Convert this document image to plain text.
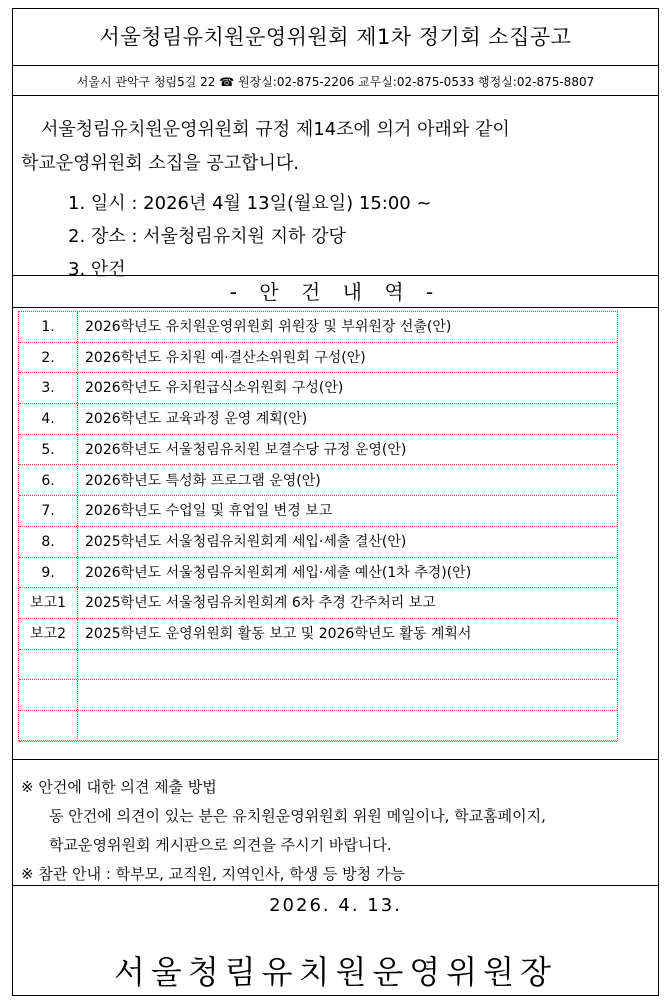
서울청림유치원운영위원회 제1차 정기회 소집공고
서울시 관악구 청림5길 22 ☎ 원장실:02-875-2206 교무실:02-875-0533 행정실:02-875-8807
서울청림유치원운영위원회 규정 제14조에 의거 아래와 같이
학교운영위원회 소집을 공고합니다.
1. 일시 : 2026년 4월 13일(월요일) 15:00 ~
2. 장소 : 서울청림유치원 지하 강당
3. 안건
- 안 건 내 역 -
1.	2026학년도 유치원운영위원회 위원장 및 부위원장 선출(안)
2.	2026학년도 유치원 예·결산소위원회 구성(안)
3.	2026학년도 유치원급식소위원회 구성(안)
4.	2026학년도 교육과정 운영 계획(안)
5.	2026학년도 서울청림유치원 보결수당 규정 운영(안)
6.	2026학년도 특성화 프로그램 운영(안)
7.	2026학년도 수업일 및 휴업일 변경 보고
8.	2025학년도 서울청림유치원회계 세입·세출 결산(안)
9.	2026학년도 서울청림유치원회계 세입·세출 예산(1차 추경)(안)
보고1	2025학년도 서울청림유치원회계 6차 추경 간주처리 보고
보고2	2025학년도 운영위원회 활동 보고 및 2026학년도 활동 계획서
※ 안건에 대한 의견 제출 방법
동 안건에 의견이 있는 분은 유치원운영위원회 위원 메일이나, 학교홈페이지,
학교운영위원회 게시판으로 의견을 주시기 바랍니다.
※ 참관 안내 : 학부모, 교직원, 지역인사, 학생 등 방청 가능
2026. 4. 13.
서울청림유치원운영위원장
